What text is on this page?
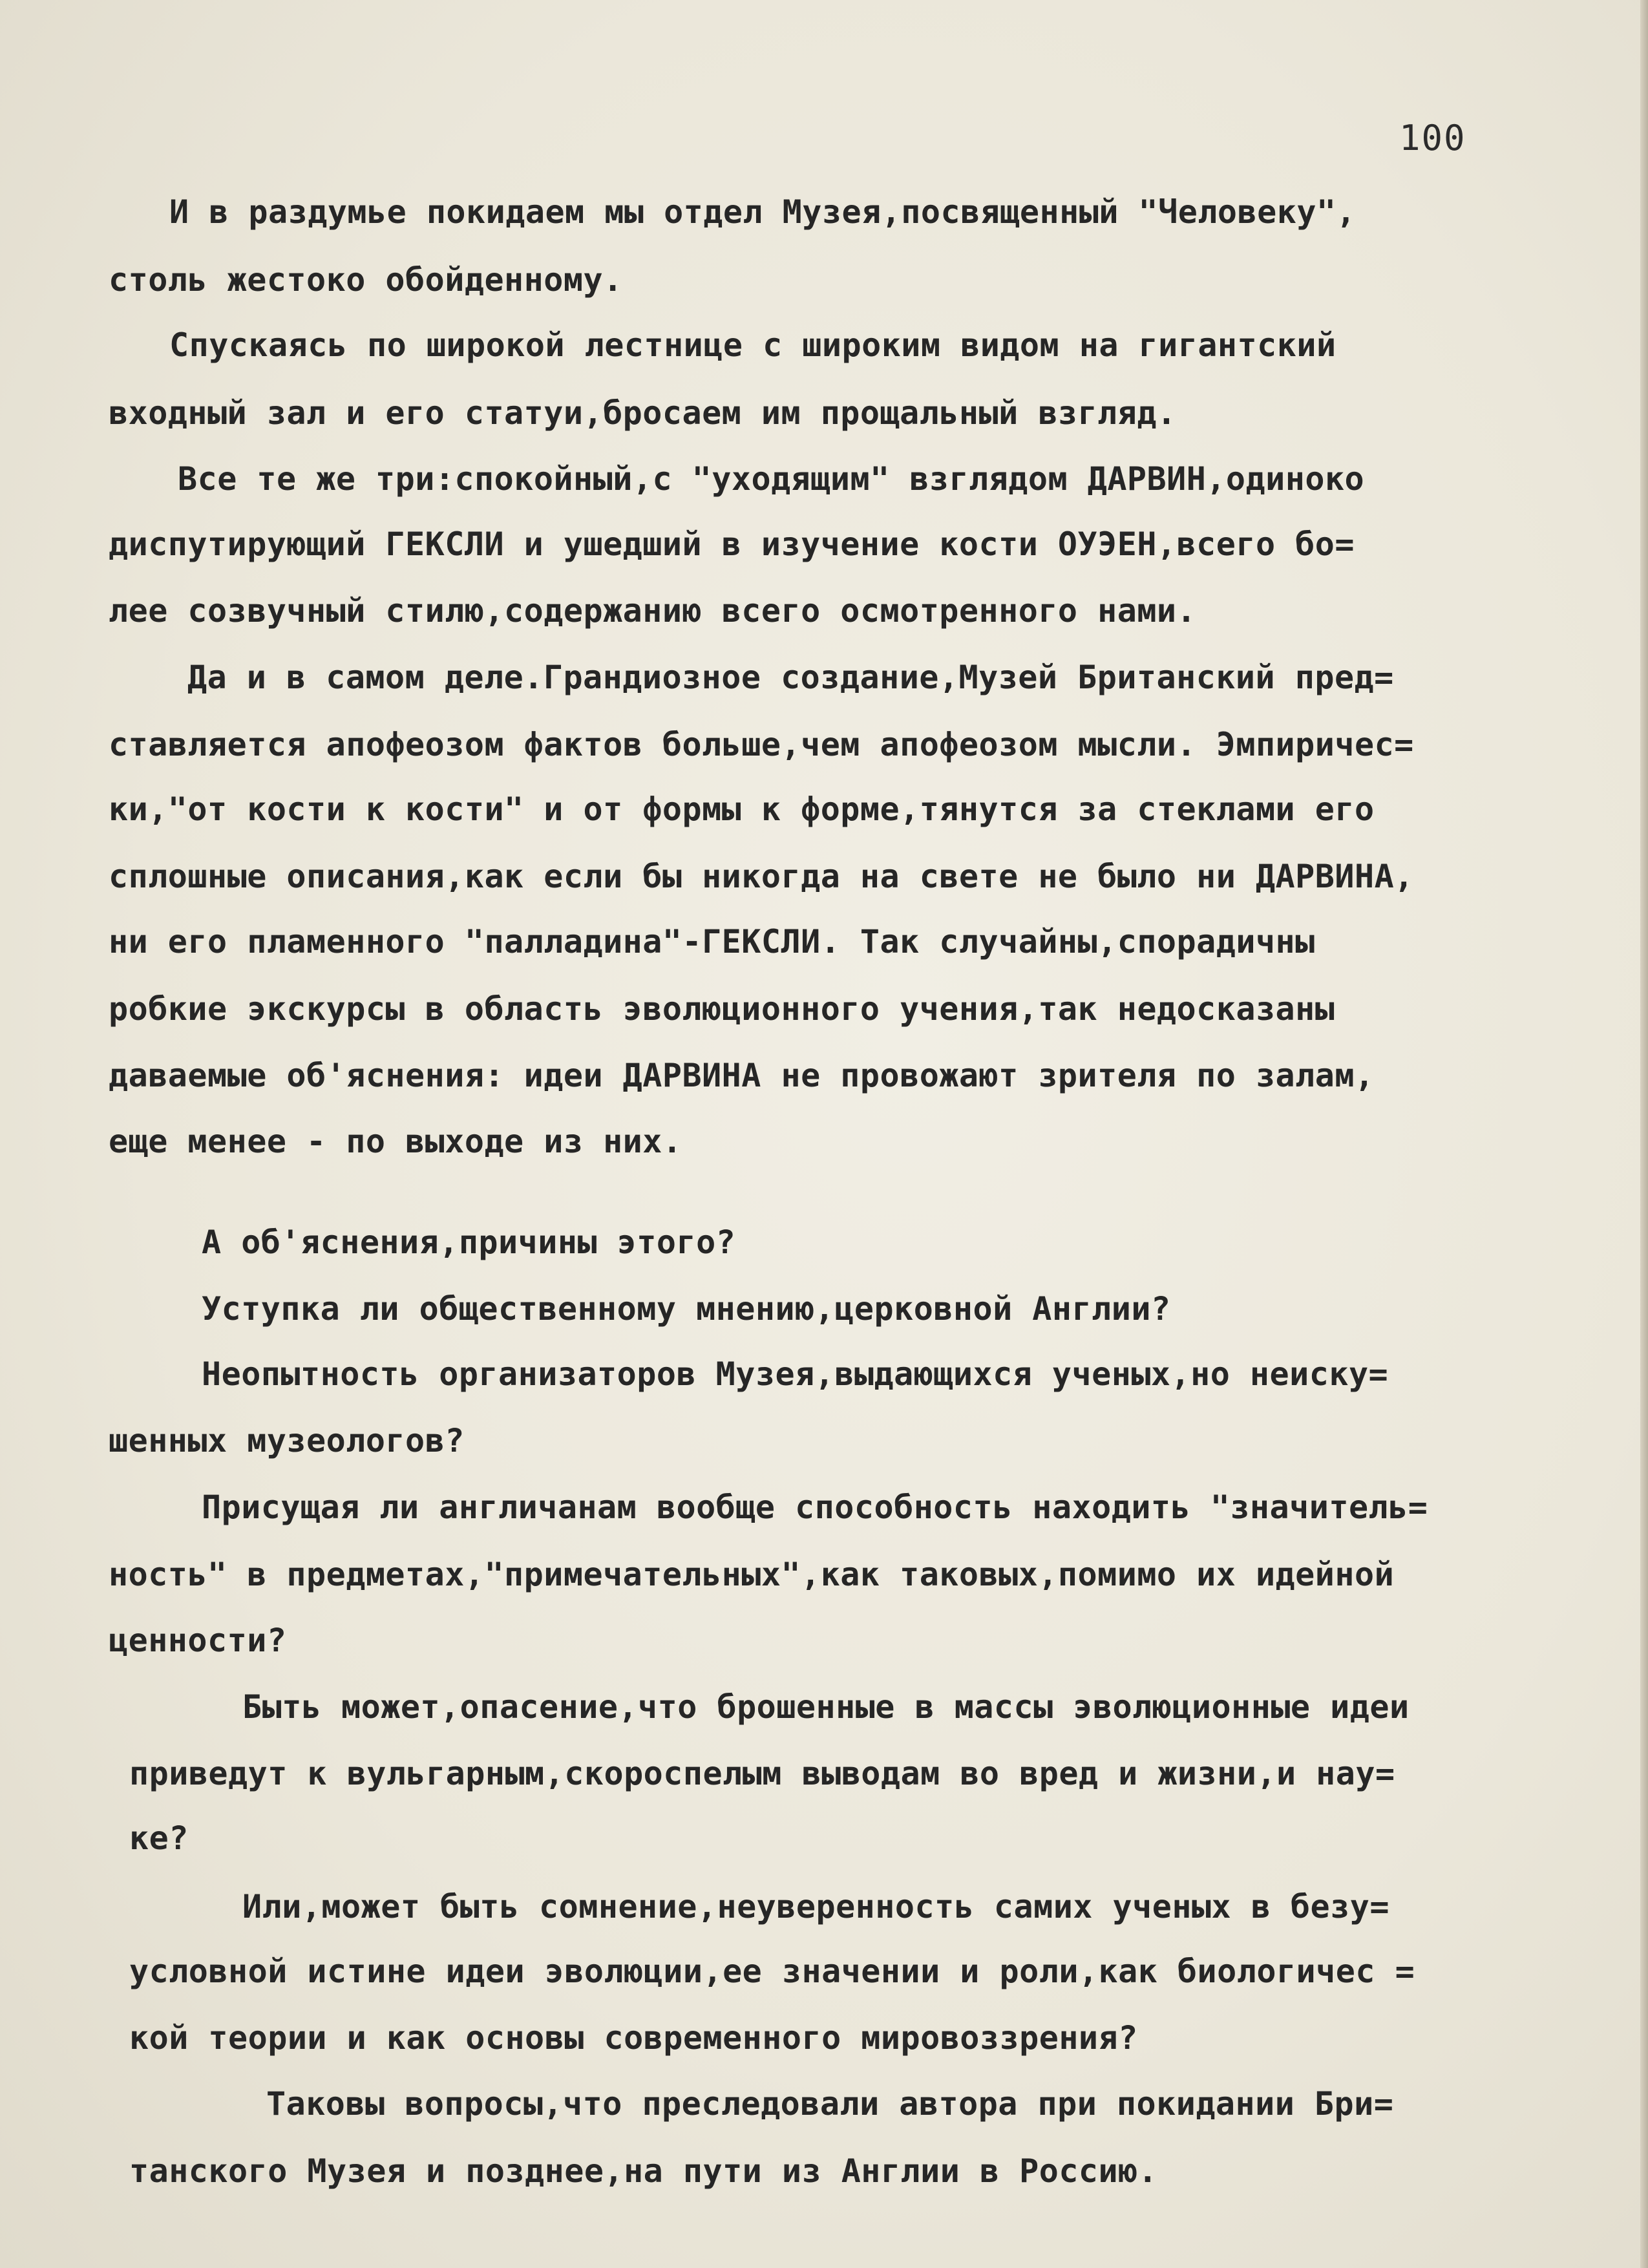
100
И в раздумье покидаем мы отдел Музея,посвященный "Человеку",
столь жестоко обойденному.
Спускаясь по широкой лестнице с широким видом на гигантский
входный зал и его статуи,бросаем им прощальный взгляд.
Все те же три:спокойный,с "уходящим" взглядом ДАРВИН,одиноко
диспутирующий ГЕКСЛИ и ушедший в изучение кости ОУЭЕН,всего бо=
лее созвучный стилю,содержанию всего осмотренного нами.
Да и в самом деле.Грандиозное создание,Музей Британский пред=
ставляется апофеозом фактов больше,чем апофеозом мысли. Эмпиричес=
ки,"от кости к кости" и от формы к форме,тянутся за стеклами его
сплошные описания,как если бы никогда на свете не было ни ДАРВИНА,
ни его пламенного "палладина"-ГЕКСЛИ. Так случайны,спорадичны
робкие экскурсы в область эволюционного учения,так недосказаны
даваемые об'яснения: идеи ДАРВИНА не провожают зрителя по залам,
еще менее - по выходе из них.
А об'яснения,причины этого?
Уступка ли общественному мнению,церковной Англии?
Неопытность организаторов Музея,выдающихся ученых,но неиску=
шенных музеологов?
Присущая ли англичанам вообще способность находить "значитель=
ность" в предметах,"примечательных",как таковых,помимо их идейной
ценности?
Быть может,опасение,что брошенные в массы эволюционные идеи
приведут к вульгарным,скороспелым выводам во вред и жизни,и нау=
ке?
Или,может быть сомнение,неуверенность самих ученых в безу=
условной истине идеи эволюции,ее значении и роли,как биологичес =
кой теории и как основы современного мировоззрения?
Таковы вопросы,что преследовали автора при покидании Бри=
танского Музея и позднее,на пути из Англии в Россию.
